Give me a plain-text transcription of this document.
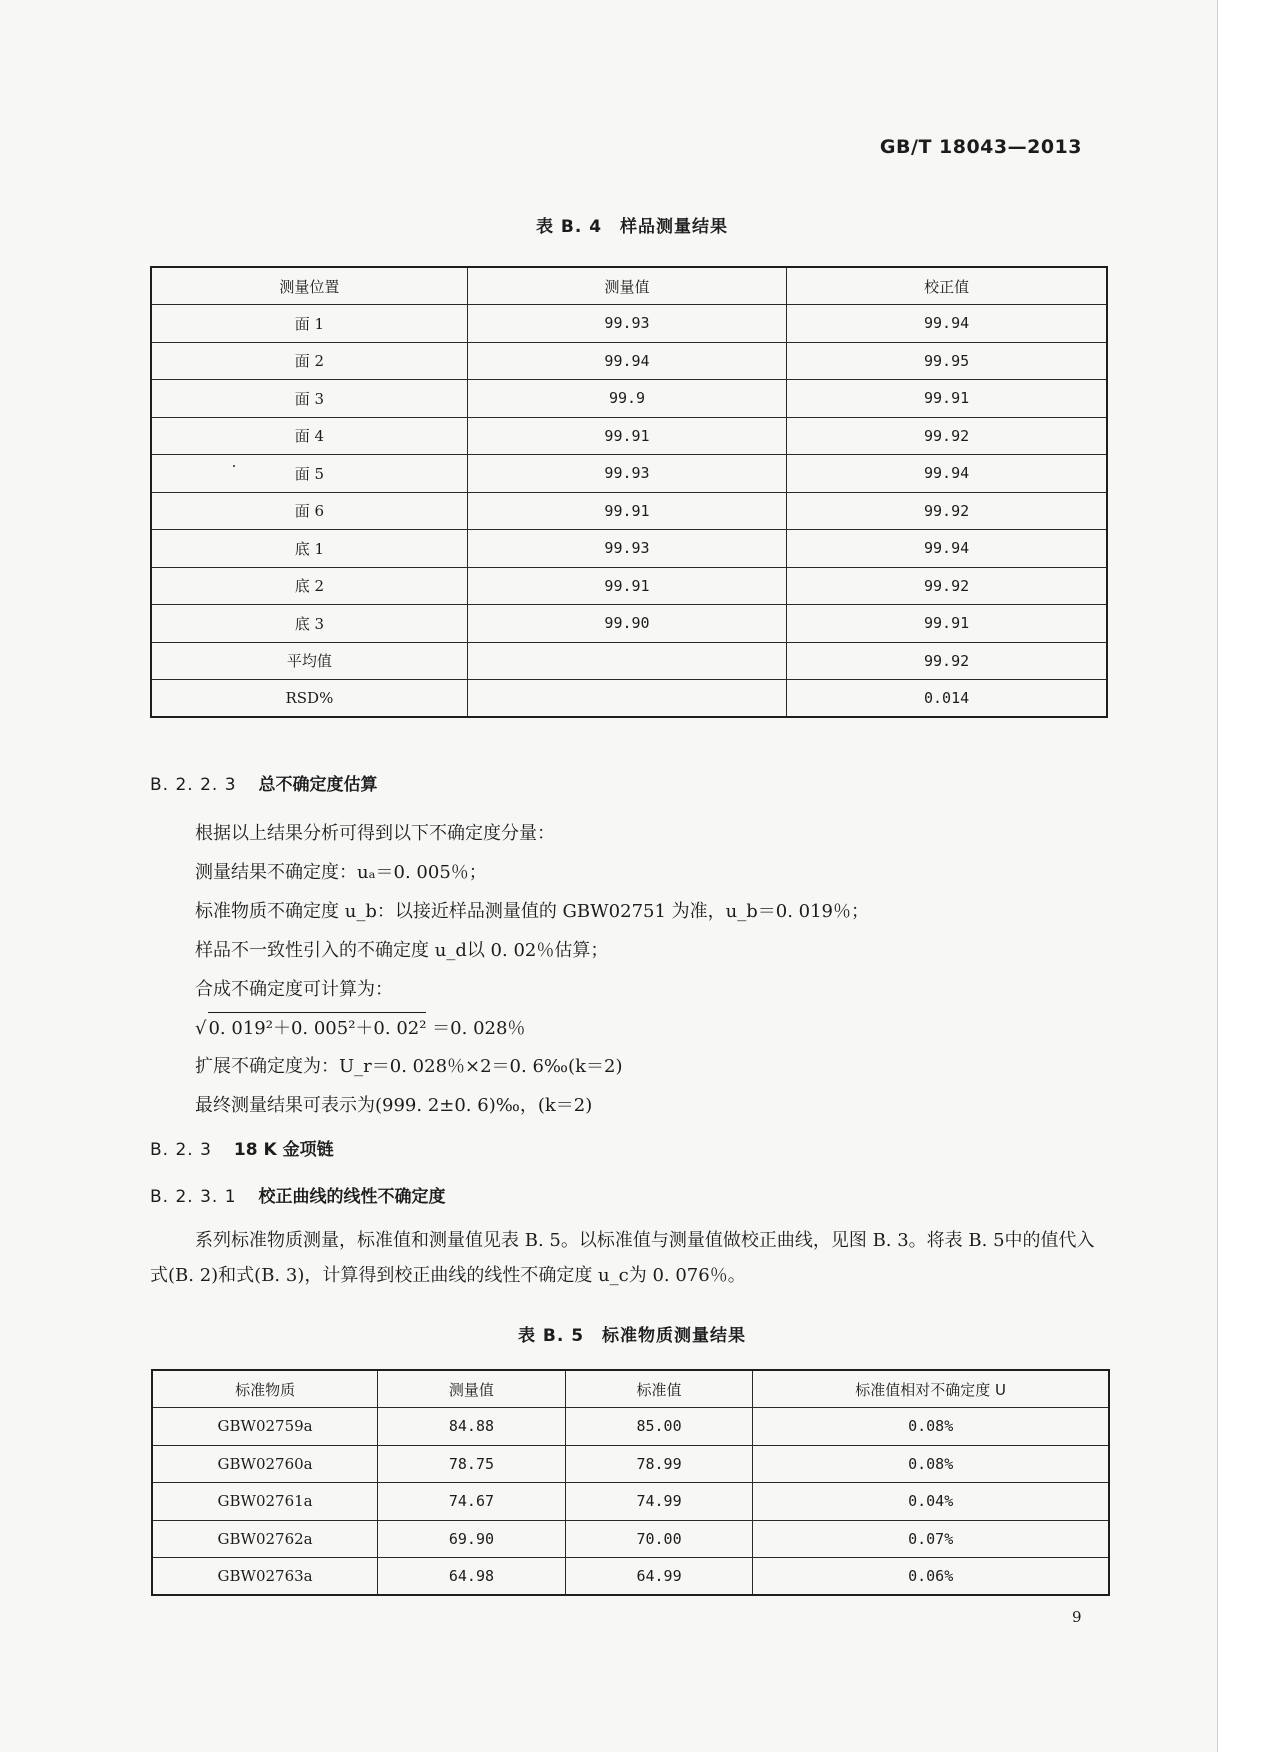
GB/T 18043—2013
表 B. 4　样品测量结果
测量位置	测量值	校正值
面 1	99.93	99.94
面 2	99.94	99.95
面 3	99.9	99.91
面 4	99.91	99.92
面 5	99.93	99.94
面 6	99.91	99.92
底 1	99.93	99.94
底 2	99.91	99.92
底 3	99.90	99.91
平均值		99.92
RSD%		0.014
B. 2. 2. 3 总不确定度估算
根据以上结果分析可得到以下不确定度分量：
测量结果不确定度：uₐ＝0. 005％；
标准物质不确定度 u_b：以接近样品测量值的 GBW02751 为准，u_b＝0. 019％；
样品不一致性引入的不确定度 u_d以 0. 02％估算；
合成不确定度可计算为：
√ 0. 019²＋0. 005²＋0. 02² ＝0. 028％
扩展不确定度为：U_r＝0. 028％×2＝0. 6‰(k＝2)
最终测量结果可表示为(999. 2±0. 6)‰，(k＝2)
B. 2. 3 18 K 金项链
B. 2. 3. 1 校正曲线的线性不确定度
系列标准物质测量，标准值和测量值见表 B. 5。以标准值与测量值做校正曲线，见图 B. 3。将表 B. 5中的值代入式(B. 2)和式(B. 3)，计算得到校正曲线的线性不确定度 u_c为 0. 076％。
表 B. 5　标准物质测量结果
标准物质	测量值	标准值	标准值相对不确定度 U
GBW02759a	84.88	85.00	0.08%
GBW02760a	78.75	78.99	0.08%
GBW02761a	74.67	74.99	0.04%
GBW02762a	69.90	70.00	0.07%
GBW02763a	64.98	64.99	0.06%
9
